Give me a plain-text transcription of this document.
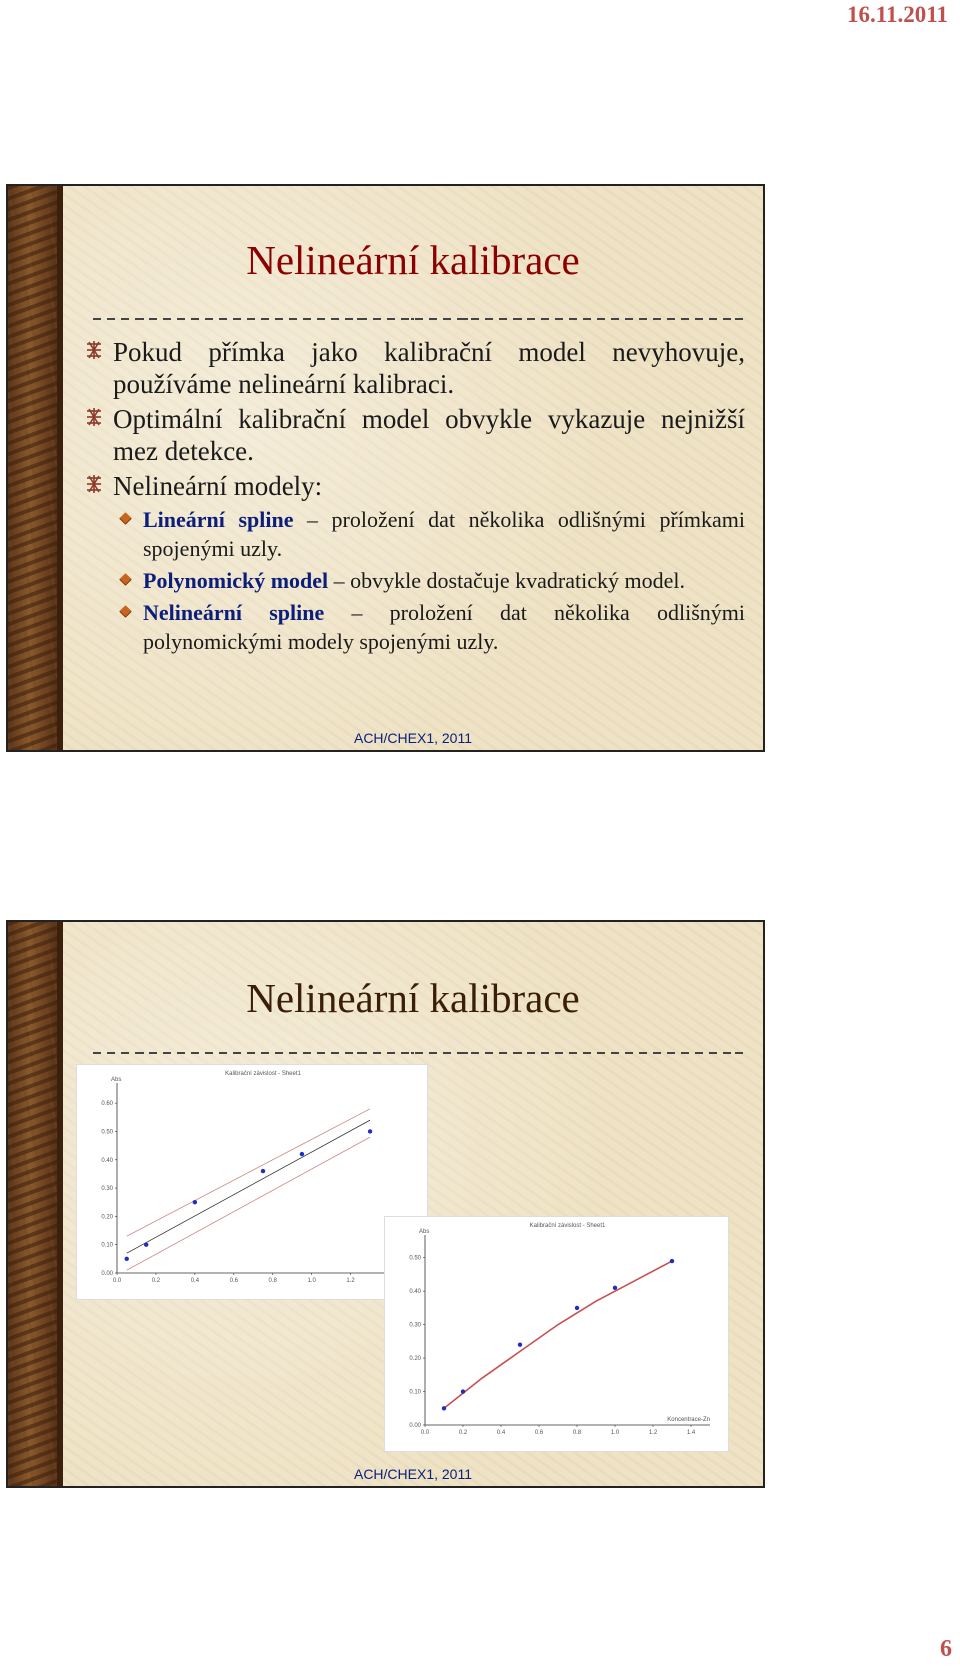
16.11.2011
Nelineární kalibrace
Pokud přímka jako kalibrační model nevyhovuje, používáme nelineární kalibraci.
Optimální kalibrační model obvykle vykazuje nejnižší mez detekce.
Nelineární modely:
Lineární spline – proložení dat několika odlišnými přímkami spojenými uzly.
Polynomický model – obvykle dostačuje kvadratický model.
Nelineární spline – proložení dat několika odlišnými polynomickými modely spojenými uzly.
ACH/CHEX1, 2011
Nelineární kalibrace
Kalibrační závislost - Sheet1
Abs
0.00
0.10
0.20
0.30
0.40
0.50
0.60
0.0	0.2	0.4	0.6	0.8	1.0	1.2
Kalibrační závislost - Sheet1
Abs
Koncentrace-Zn
0.00
0.10
0.20
0.30
0.40
0.50
0.0	0.2	0.4	0.6	0.8	1.0	1.2	1.4
ACH/CHEX1, 2011
6
